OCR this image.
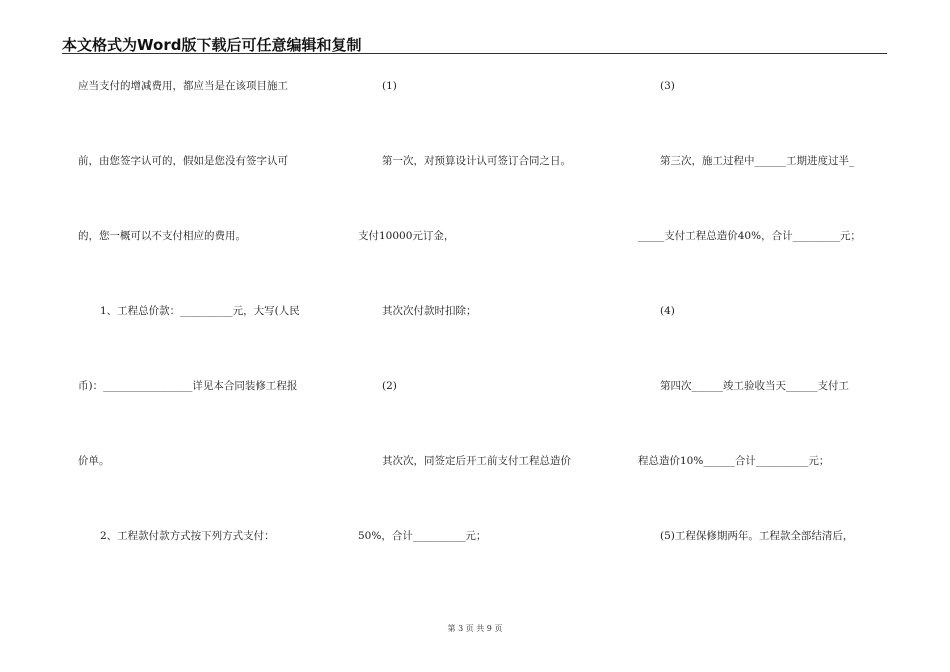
本文格式为Word版下载后可任意编辑和复制
应当支付的增减费用，都应当是在该项目施工
前，由您签字认可的，假如是您没有签字认可
的，您一概可以不支付相应的费用。
1、工程总价款：__________元，大写(人民
币)：_________________详见本合同装修工程报
价单。
2、工程款付款方式按下列方式支付：
(1)
第一次，对预算设计认可签订合同之日。
支付10000元订金，
其次次付款时扣除；
(2)
其次次，同签定后开工前支付工程总造价
50%，合计__________元；
(3)
第三次，施工过程中______工期进度过半_
_____支付工程总造价40%，合计_________元；
(4)
第四次______竣工验收当天______支付工
程总造价10%______合计__________元；
(5)工程保修期两年。工程款全部结清后，
第 3 页 共 9 页
